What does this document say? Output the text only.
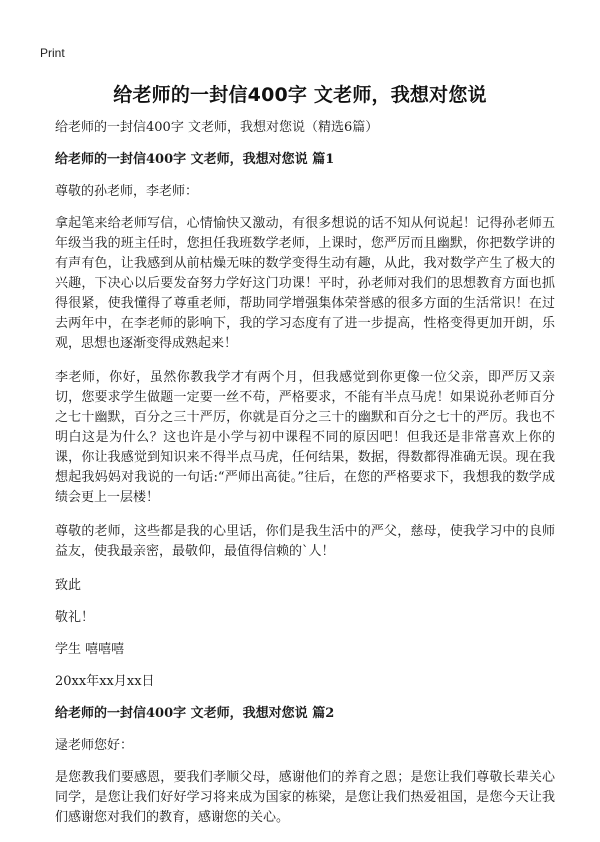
Print
给老师的一封信400字 文老师，我想对您说

给老师的一封信400字 文老师，我想对您说（精选6篇）

给老师的一封信400字 文老师，我想对您说 篇1

尊敬的孙老师，李老师：

拿起笔来给老师写信，心情愉快又激动，有很多想说的话不知从何说起！记得孙老师五年级当我的班主任时，您担任我班数学老师，上课时，您严厉而且幽默，你把数学讲的有声有色，让我感到从前枯燥无味的数学变得生动有趣，从此，我对数学产生了极大的兴趣，下决心以后要发奋努力学好这门功课！平时，孙老师对我们的思想教育方面也抓得很紧，使我懂得了尊重老师，帮助同学增强集体荣誉感的很多方面的生活常识！在过去两年中，在李老师的影响下，我的学习态度有了进一步提高，性格变得更加开朗，乐观，思想也逐渐变得成熟起来！

李老师，你好，虽然你教我学才有两个月，但我感觉到你更像一位父亲，即严厉又亲切，您要求学生做题一定要一丝不苟，严格要求，不能有半点马虎！如果说孙老师百分之七十幽默，百分之三十严厉，你就是百分之三十的幽默和百分之七十的严厉。我也不明白这是为什么？这也许是小学与初中课程不同的原因吧！但我还是非常喜欢上你的课，你让我感觉到知识来不得半点马虎，任何结果，数据，得数都得准确无误。现在我想起我妈妈对我说的一句话:“严师出高徒。”往后，在您的严格要求下，我想我的数学成绩会更上一层楼！

尊敬的老师，这些都是我的心里话，你们是我生活中的严父，慈母，使我学习中的良师益友，使我最亲密，最敬仰，最值得信赖的`人！

致此

敬礼！

学生 嘻嘻嘻

20xx年xx月xx日

给老师的一封信400字 文老师，我想对您说 篇2

逯老师您好：

是您教我们要感恩，要我们孝顺父母，感谢他们的养育之恩；是您让我们尊敬长辈关心同学，是您让我们好好学习将来成为国家的栋梁，是您让我们热爱祖国，是您今天让我们感谢您对我们的教育，感谢您的关心。
